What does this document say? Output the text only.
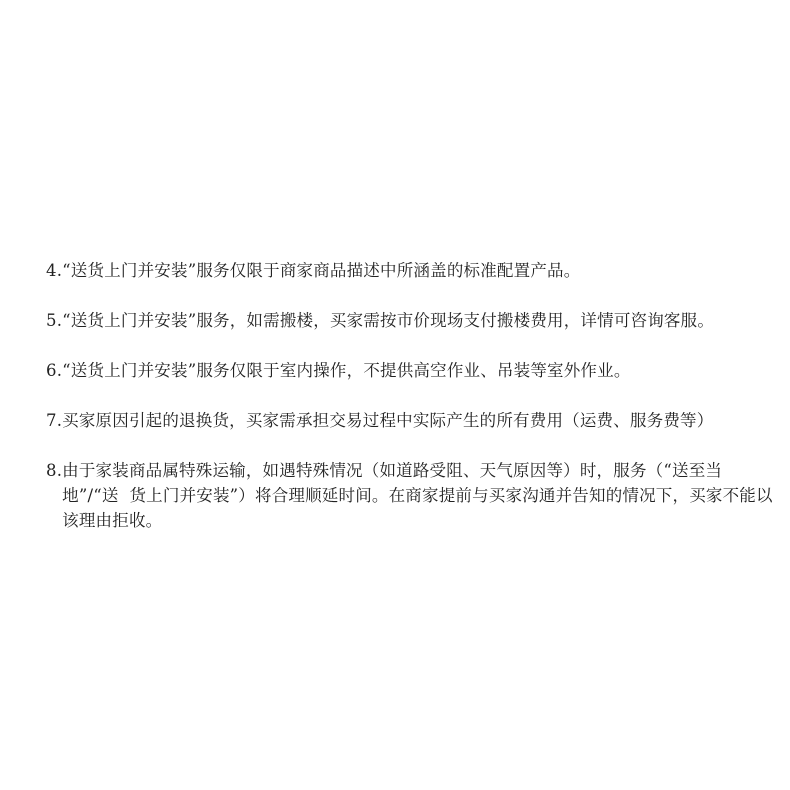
4. “送货上门并安装”服务仅限于商家商品描述中所涵盖的标准配置产品。
5. “送货上门并安装”服务，如需搬楼，买家需按市价现场支付搬楼费用，详情可咨询客服。
6. “送货上门并安装”服务仅限于室内操作，不提供高空作业、吊装等室外作业。
7. 买家原因引起的退换货，买家需承担交易过程中实际产生的所有费用（运费、服务费等）
8. 由于家装商品属特殊运输，如遇特殊情况（如道路受阻、天气原因等）时，服务（“送至当地”/“送  货上门并安装”）将合理顺延时间。在商家提前与买家沟通并告知的情况下，买家不能以该理由拒收。
